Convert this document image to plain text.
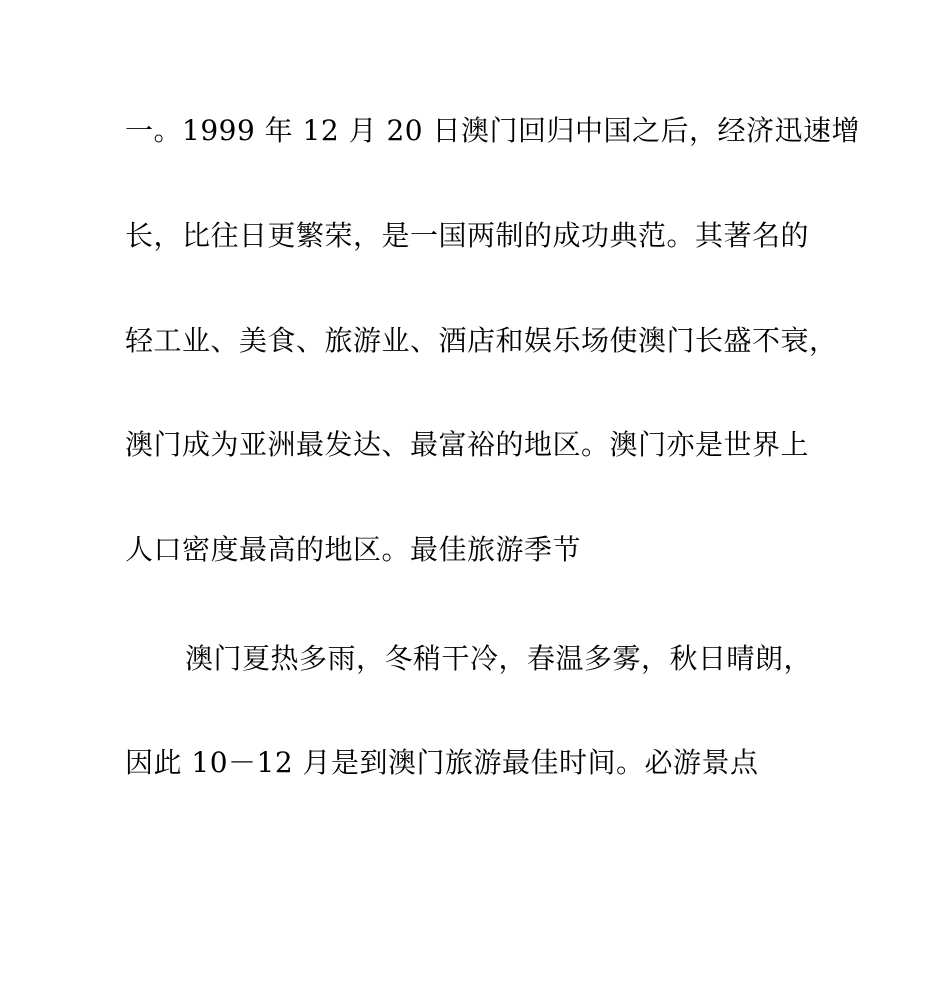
一。1999 年 12 月 20 日澳门回归中国之后，经济迅速增
长，比往日更繁荣，是一国两制的成功典范。其著名的
轻工业、美食、旅游业、酒店和娱乐场使澳门长盛不衰，
澳门成为亚洲最发达、最富裕的地区。澳门亦是世界上
人口密度最高的地区。最佳旅游季节
澳门夏热多雨，冬稍干冷，春温多雾，秋日晴朗，
因此 10－12 月是到澳门旅游最佳时间。必游景点
